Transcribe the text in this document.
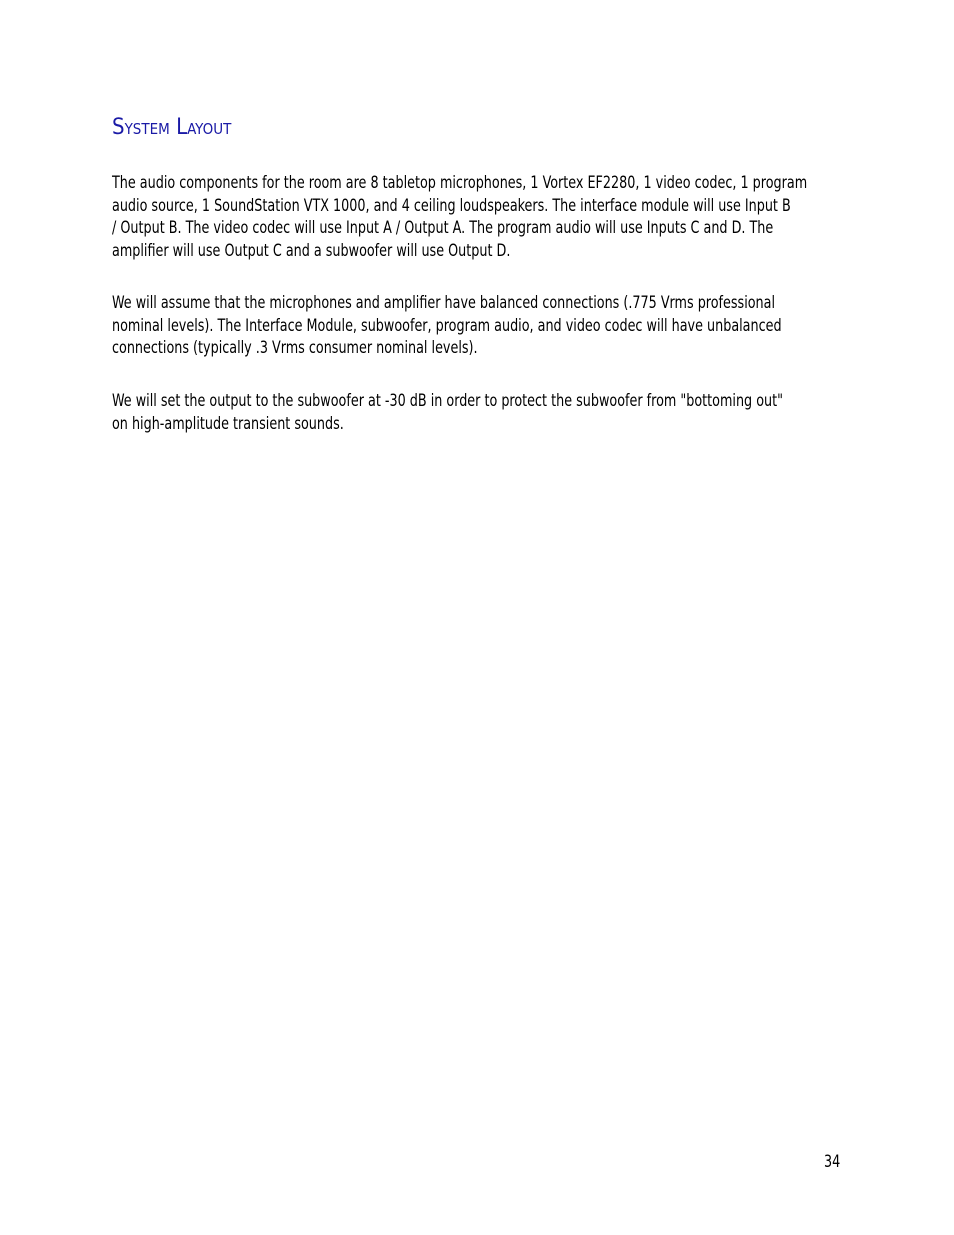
System Layout

The audio components for the room are 8 tabletop microphones, 1 Vortex EF2280, 1 video codec, 1 program
audio source, 1 SoundStation VTX 1000, and 4 ceiling loudspeakers. The interface module will use Input B
/ Output B. The video codec will use Input A / Output A. The program audio will use Inputs C and D. The
amplifier will use Output C and a subwoofer will use Output D.

We will assume that the microphones and amplifier have balanced connections (.775 Vrms professional
nominal levels). The Interface Module, subwoofer, program audio, and video codec will have unbalanced
connections (typically .3 Vrms consumer nominal levels).

We will set the output to the subwoofer at -30 dB in order to protect the subwoofer from "bottoming out"
on high-amplitude transient sounds.

34
